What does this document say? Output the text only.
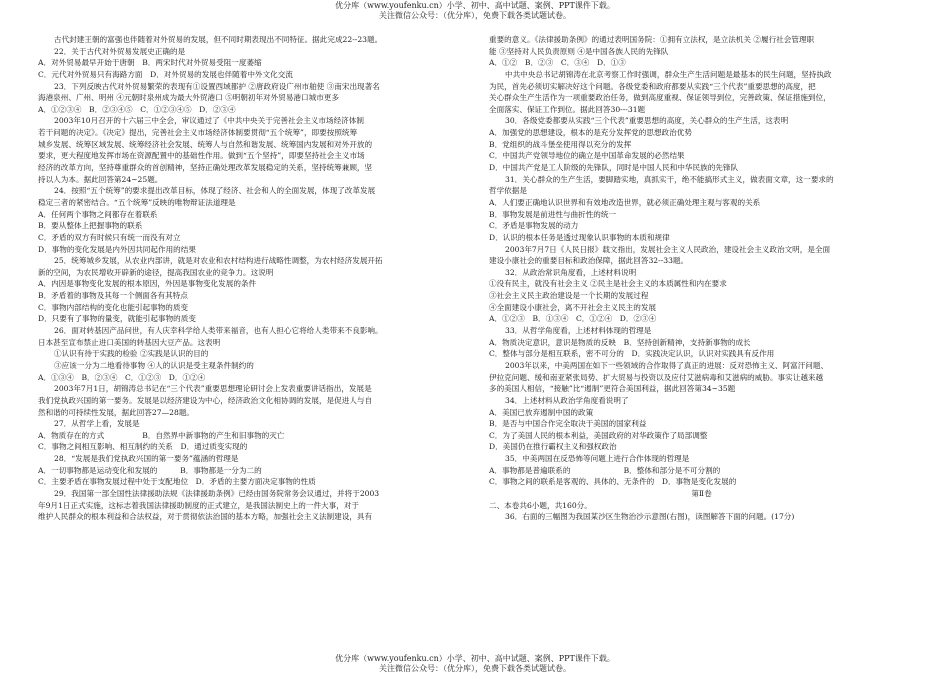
优分库（www.youfenku.cn）小学、初中、高中试题、案例、PPT课件下载。
关注微信公众号：（优分库），免费下载各类试题试卷。
古代封建王朝的富强也伴随着对外贸易的发展，但不同时期表现出不同特征。据此完成22--23题。
22．关于古代对外贸易发展史正确的是
A．对外贸易最早开始于唐朝　B．两宋时代对外贸易受阻一度萎缩
C．元代对外贸易只有海路方面　D．对外贸易的发展也伴随着中外文化交流
23．下列反映古代对外贸易繁荣的表现有①设置西域都护 ②唐政府设广州市舶使 ③南宋出现著名
海港泉州、广州、明州 ④元朝时泉州成为最大外贸港口 ⑤明朝初年对外贸易港口城市更多
A．①②③④　B．②③④⑤　C．①②③④⑤　D．②③④
2003年10月召开的十六届三中全会，审议通过了《中共中央关于完善社会主义市场经济体制
若干问题的决定》。《决定》提出，完善社会主义市场经济体制要贯彻“五个统筹”，即要按照统筹
城乡发展、统筹区域发展、统筹经济社会发展、统筹人与自然和谐发展、统筹国内发展和对外开放的
要求，更大程度地发挥市场在资源配置中的基础性作用。做到“五个坚持”，即要坚持社会主义市场
经济的改革方向，坚持尊重群众的首创精神，坚持正确处理改革发展稳定的关系，坚持统筹兼顾，坚
持以人为本。据此回答第24~25题。
24．按照“五个统筹”的要求提出改革目标，体现了经济、社会和人的全面发展，体现了改革发展
稳定三者的紧密结合。“五个统筹”反映的唯物辩证法道理是
A．任何两个事物之间都存在着联系
B．要从整体上把握事物的联系
C．矛盾的双方有时候只有统一而没有对立
D．事物的变化发展是内外因共同起作用的结果
25．统筹城乡发展，从农业内部讲，就是对农业和农村结构进行战略性调整，为农村经济发展开拓
新的空间，为农民增收开辟新的途径，提高我国农业的竞争力。这说明
A．内因是事物变化发展的根本原因，外因是事物变化发展的条件
B．矛盾着的事物及其每一个侧面各有其特点
C．事物内部结构的变化也能引起事物的质变
D．只要有了事物的量变，就能引起事物的质变
26．面对转基因产品问世，有人庆幸科学给人类带来福音，也有人担心它将给人类带来不良影响。
日本甚至宣布禁止进口美国的转基因大豆产品。这表明
①认识有待于实践的检验 ②实践是认识的目的
③应该一分为二地看待事物 ④人的认识是受主观条件制约的
A．①③④　B．②③④　C．①②③　D．①②④
2003年7月1日，胡锦涛总书记在“三个代表”重要思想理论研讨会上发表重要讲话指出，发展是
我们党执政兴国的第一要务。发展是以经济建设为中心，经济政治文化相协调的发展，是促进人与自
然和谐的可持续性发展，据此回答27—28题。
27．从哲学上看，发展是
A．物质存在的方式　　　　　B．自然界中新事物的产生和旧事物的灭亡
C．事物之间相互影响、相互制约的关系　D．通过质变实现的
28．“发展是我们党执政兴国的第一要务”蕴涵的哲理是
A．一切事物都是运动变化和发展的　　　B．事物都是一分为二的
C．主要矛盾在事物发展过程中处于支配地位　D．矛盾的主要方面决定事物的性质
29．我国第一部全国性法律援助法规《法律援助条例》已经由国务院常务会议通过，并将于2003
年9月1日正式实施，这标志着我国法律援助制度的正式建立，是我国法制史上的一件大事，对于
维护人民群众的根本利益和合法权益，对于贯彻依法治国的基本方略，加强社会主义法制建设，具有
重要的意义。《法律援助条例》的通过表明国务院：①拥有立法权，是立法机关 ②履行社会管理职
能 ③坚持对人民负责原则 ④是中国各族人民的先锋队
A．①②　B．②③　C．③④　D．①③
中共中央总书记胡锦涛在北京考察工作时强调，群众生产生活问题是最基本的民生问题，坚持执政
为民，首先必须切实解决好这个问题。各级党委和政府都要从实践“三个代表”重要思想的高度，把
关心群众生产生活作为一项重要政治任务，做到高度重视、保证领导到位，完善政策、保证措施到位，
全面落实、保证工作到位。据此回答30---31题
30．各级党委都要从实践“三个代表”重要思想的高度，关心群众的生产生活，这表明
A．加强党的思想建设，根本的是充分发挥党的思想政治优势
B．党组织的战斗堡垒使用得以充分的发挥
C．中国共产党领导地位的确立是中国革命发展的必然结果
D．中国共产党是工人阶级的先锋队，同时是中国人民和中华民族的先锋队
31．关心群众的生产生活，要脚踏实地，真抓实干，绝不能搞形式主义，做表面文章，这一要求的
哲学依据是
A．人们要正确地认识世界和有效地改造世界，就必须正确处理主观与客观的关系
B．事物发展是前进性与曲折性的统一
C．矛盾是事物发展的动力
D．认识的根本任务是透过现象认识事物的本质和规律
2003年7月7日《人民日报》载文指出，发展社会主义人民政治，建设社会主义政治文明，是全面
建设小康社会的重要目标和政治保障，据此回答32--33题。
32．从政治常识角度看，上述材料说明
①没有民主，就没有社会主义 ②民主是社会主义的本质属性和内在要求
③社会主义民主政治建设是一个长期的发展过程
④全面建设小康社会，离不开社会主义民主的发展
A．①②③　B．①③④　C．①②④　D．②③④
33．从哲学角度看，上述材料体现的哲理是
A．物质决定意识，意识是物质的反映　B．坚持创新精神，支持新事物的成长
C．整体与部分是相互联系，密不可分的　D．实践决定认识，认识对实践具有反作用
2003年以来，中美两国在如下一些领域的合作取得了真正的进展：反对恐怖主义、阿富汗问题、
伊拉克问题、缓和南亚紧张局势、扩大贸易与投资以及应付艾滋病毒和艾滋病的威胁。事实让越来越
多的美国人相信，“接触”比“遏制”更符合美国利益，据此回答第34~35题
34．上述材料从政治学角度看说明了
A．美国已放弃遏制中国的政策
B．是否与中国合作完全取决于美国的国家利益
C．为了美国人民的根本利益，美国政府的对华政策作了局部调整
D．美国仍在推行霸权主义和强权政治
35．中美两国在反恐怖等问题上进行合作体现的哲理是
A．事物都是普遍联系的　　　　　　　B．整体和部分是不可分割的
C．事物之间的联系是客观的、具体的、无条件的　D．事物是变化发展的
第Ⅱ卷
二、本卷共6小题，共160分。
36．右面的三幅图为我国某沙区生物治沙示意图(右图)，读图解答下面的问题。(17分)
优分库（www.youfenku.cn）小学、初中、高中试题、案例、PPT课件下载。
关注微信公众号：（优分库），免费下载各类试题试卷。
